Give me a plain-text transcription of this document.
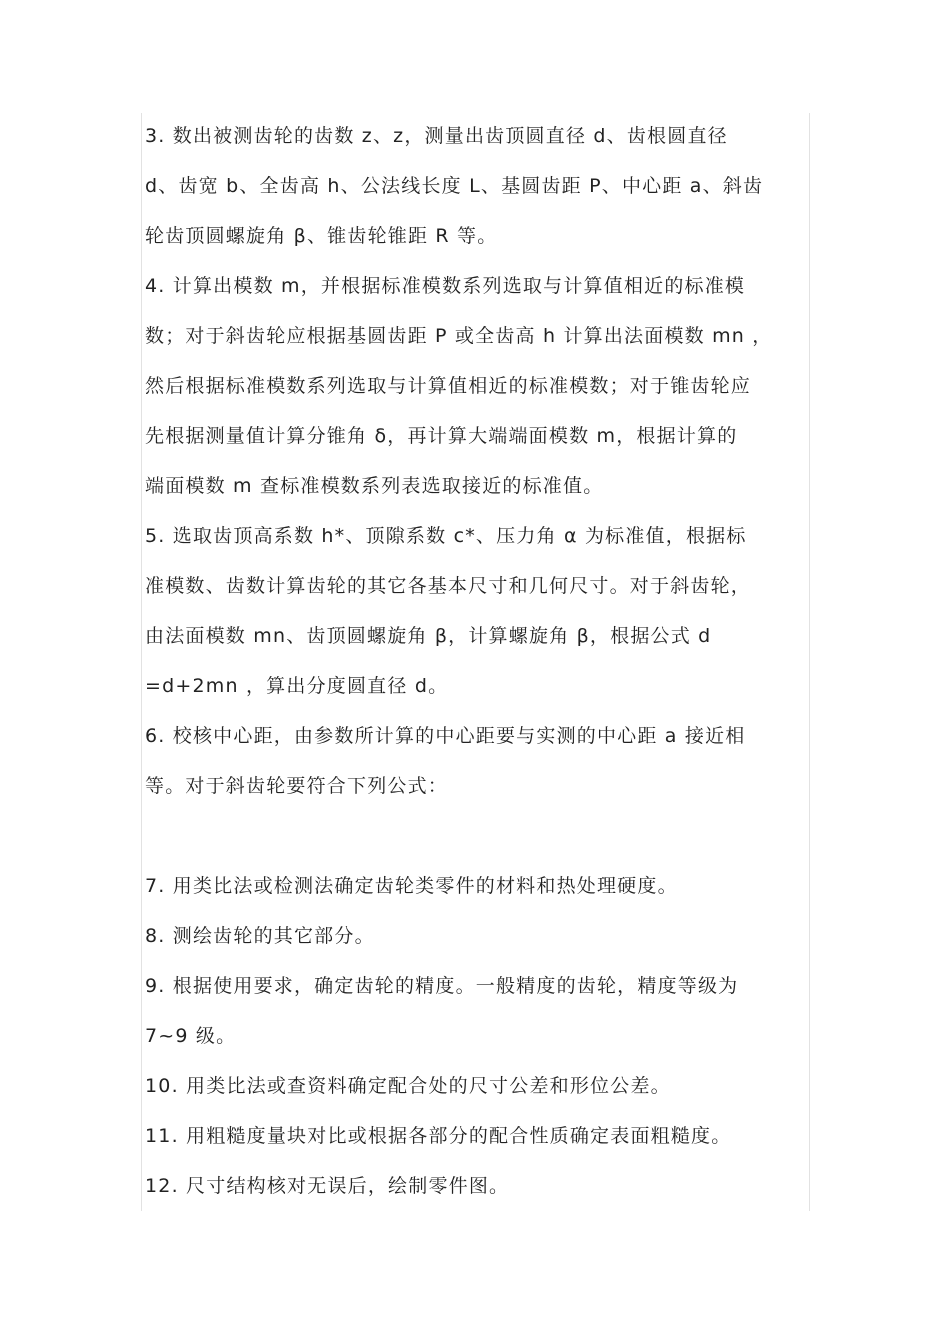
3. 数出被测齿轮的齿数 z、z，测量出齿顶圆直径 d、齿根圆直径
d、齿宽 b、全齿高 h、公法线长度 L、基圆齿距 P、中心距 a、斜齿
轮齿顶圆螺旋角 β、锥齿轮锥距 R 等。
4. 计算出模数 m，并根据标准模数系列选取与计算值相近的标准模
数；对于斜齿轮应根据基圆齿距 P 或全齿高 h 计算出法面模数 mn ，
然后根据标准模数系列选取与计算值相近的标准模数；对于锥齿轮应
先根据测量值计算分锥角 δ，再计算大端端面模数 m，根据计算的
端面模数 m 查标准模数系列表选取接近的标准值。
5. 选取齿顶高系数 h*、顶隙系数 c*、压力角 α 为标准值，根据标
准模数、齿数计算齿轮的其它各基本尺寸和几何尺寸。对于斜齿轮，
由法面模数 mn、齿顶圆螺旋角 β，计算螺旋角 β，根据公式 d
=d+2mn ，算出分度圆直径 d。
6. 校核中心距，由参数所计算的中心距要与实测的中心距 a 接近相
等。对于斜齿轮要符合下列公式：
7. 用类比法或检测法确定齿轮类零件的材料和热处理硬度。
8. 测绘齿轮的其它部分。
9. 根据使用要求，确定齿轮的精度。一般精度的齿轮，精度等级为
7~9 级。
10. 用类比法或查资料确定配合处的尺寸公差和形位公差。
11. 用粗糙度量块对比或根据各部分的配合性质确定表面粗糙度。
12. 尺寸结构核对无误后，绘制零件图。
